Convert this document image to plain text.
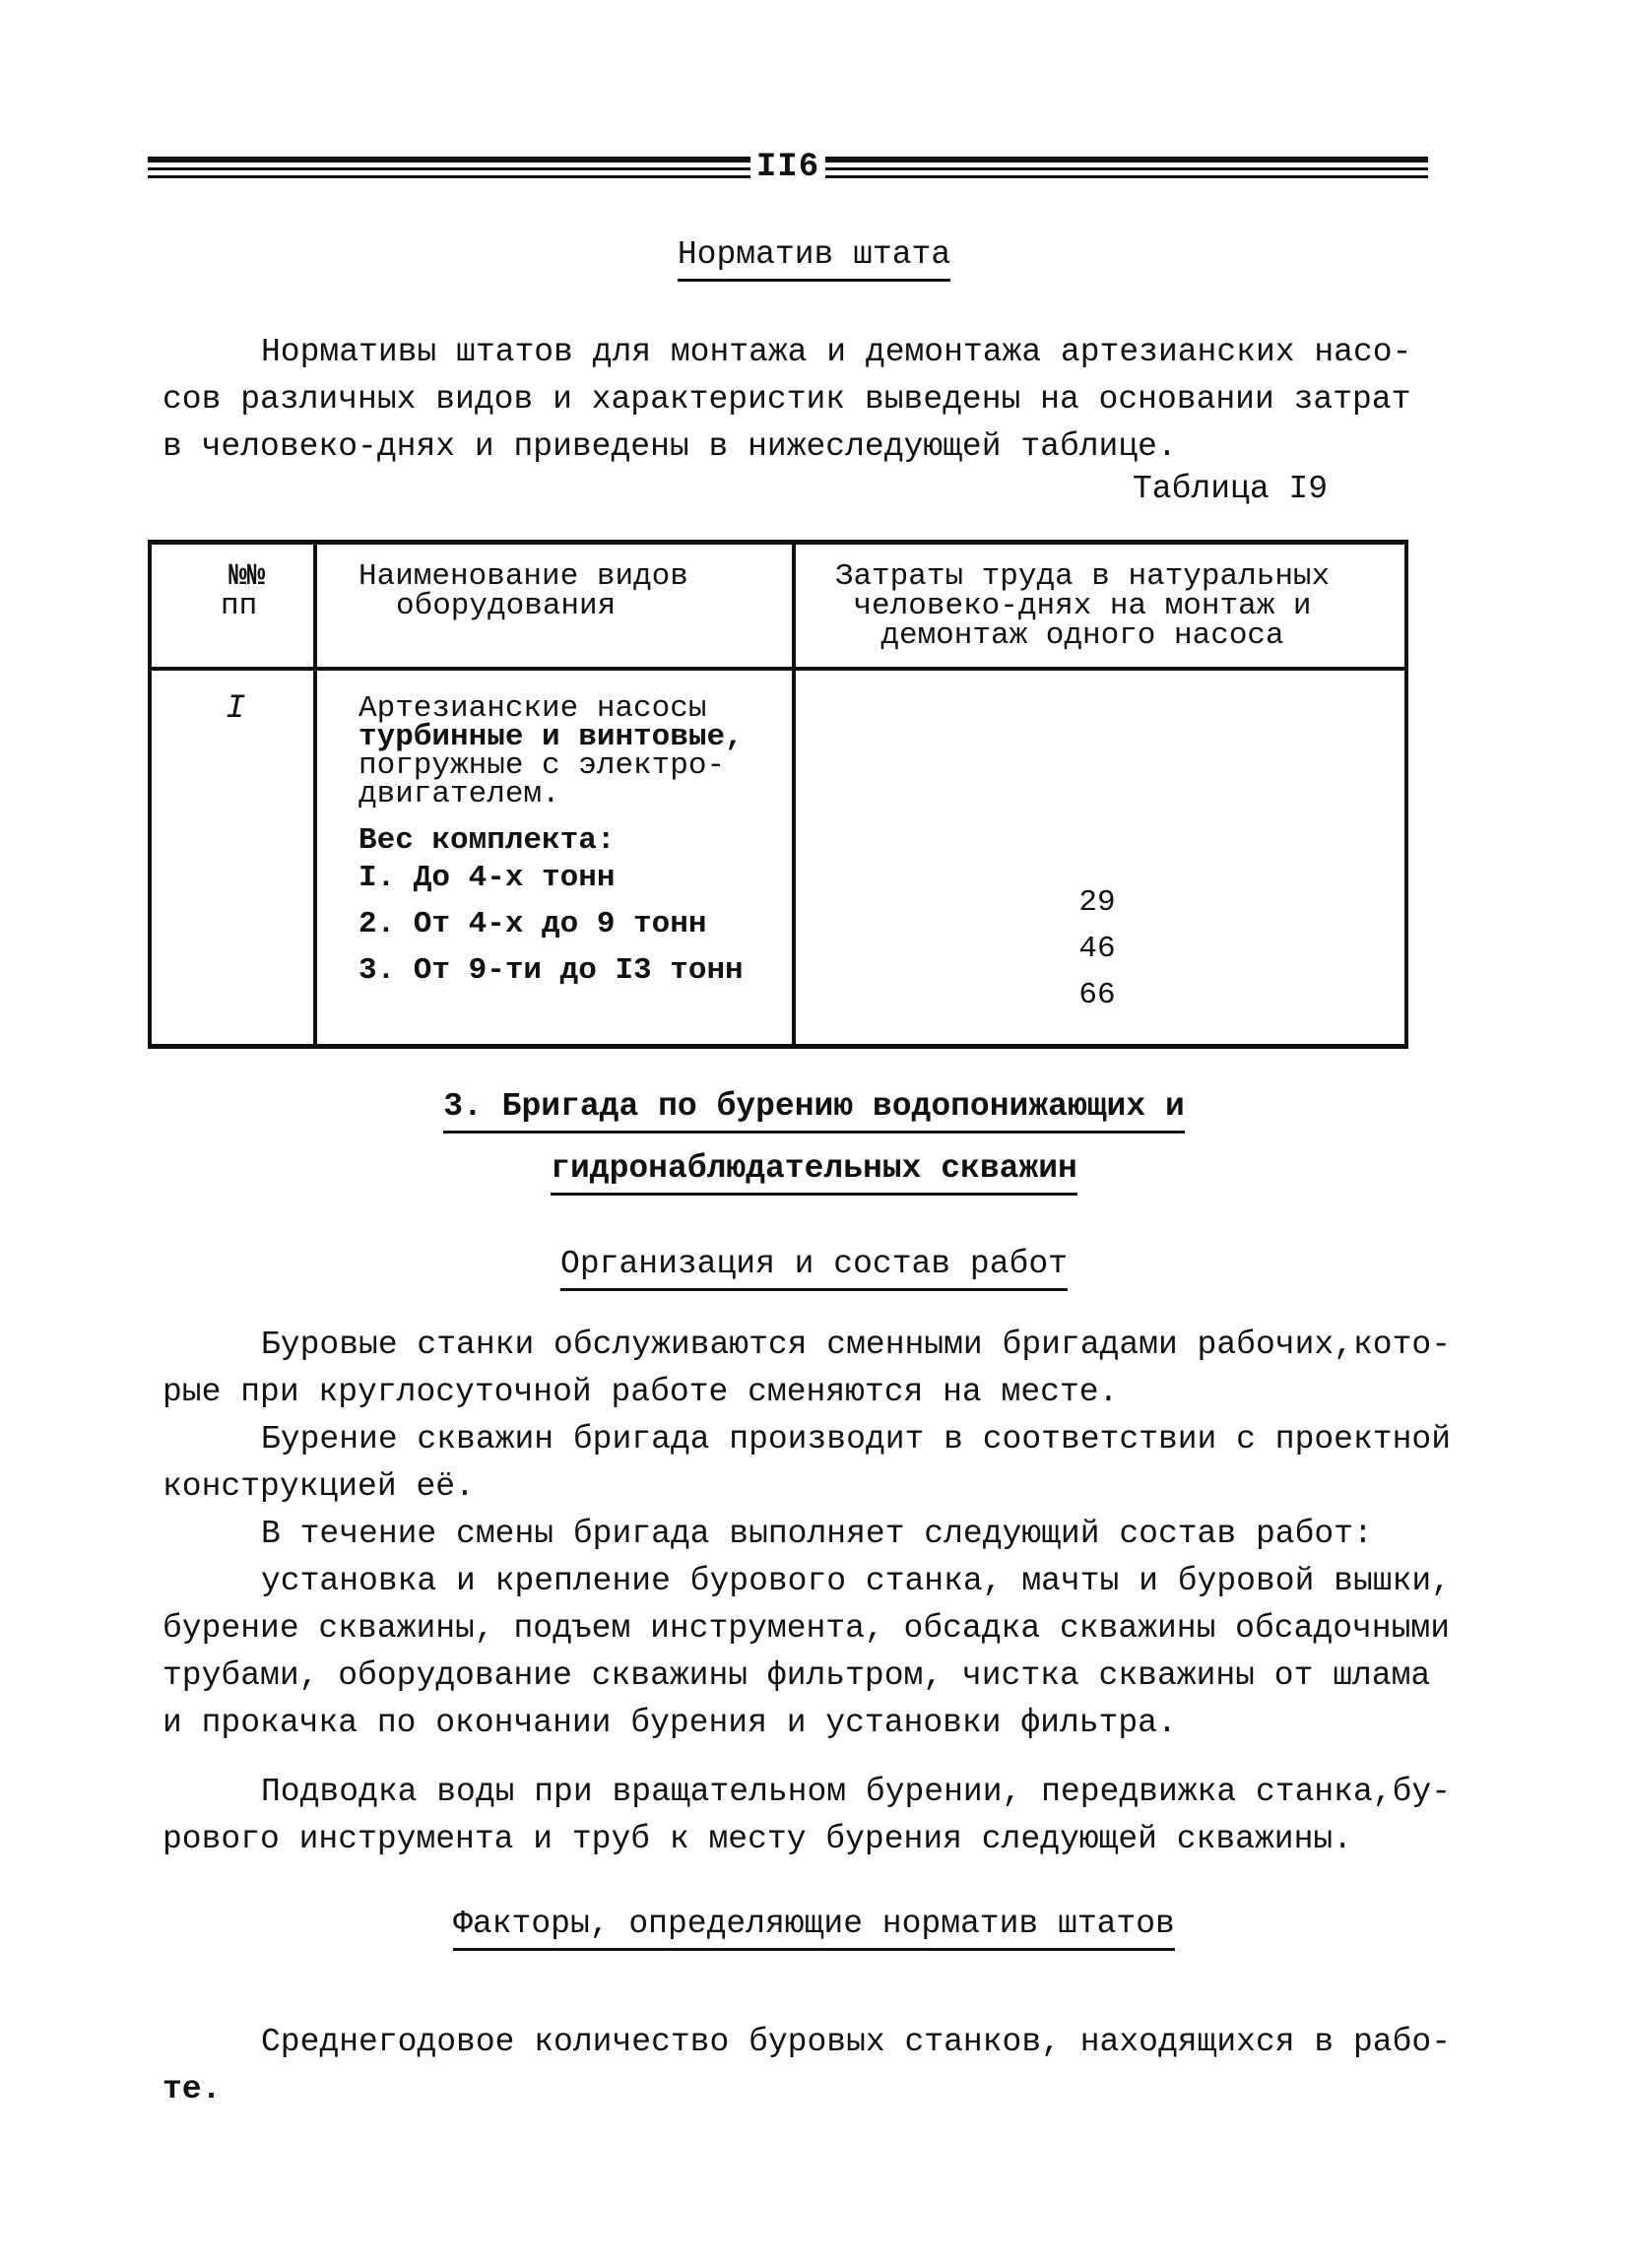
II6
Норматив штата
Нормативы штатов для монтажа и демонтажа артезианских насо-
сов различных видов и характеристик выведены на основании затрат
в человеко-днях и приведены в нижеследующей таблице.
Таблица I9
№№
пп
Наименование видов
оборудования
Затраты труда в натуральных
человеко-днях на монтаж и
демонтаж одного насоса
I	Артезианские насосы
турбинные и винтовые,
погружные с электро-
двигателем.
Вес комплекта:
I. До 4-х тонн
2. От 4-х до 9 тонн
3. От 9-ти до I3 тонн
29
46
66
3. Бригада по бурению водопонижающих и
гидронаблюдательных скважин
Организация и состав работ
Буровые станки обслуживаются сменными бригадами рабочих,кото-
рые при круглосуточной работе сменяются на месте.
Бурение скважин бригада производит в соответствии с проектной
конструкцией её.
В течение смены бригада выполняет следующий состав работ:
установка и крепление бурового станка, мачты и буровой вышки,
бурение скважины, подъем инструмента, обсадка скважины обсадочными
трубами, оборудование скважины фильтром, чистка скважины от шлама
и прокачка по окончании бурения и установки фильтра.
Подводка воды при вращательном бурении, передвижка станка,бу-
рового инструмента и труб к месту бурения следующей скважины.
Факторы, определяющие норматив штатов
Среднегодовое количество буровых станков, находящихся в рабо-
те.
